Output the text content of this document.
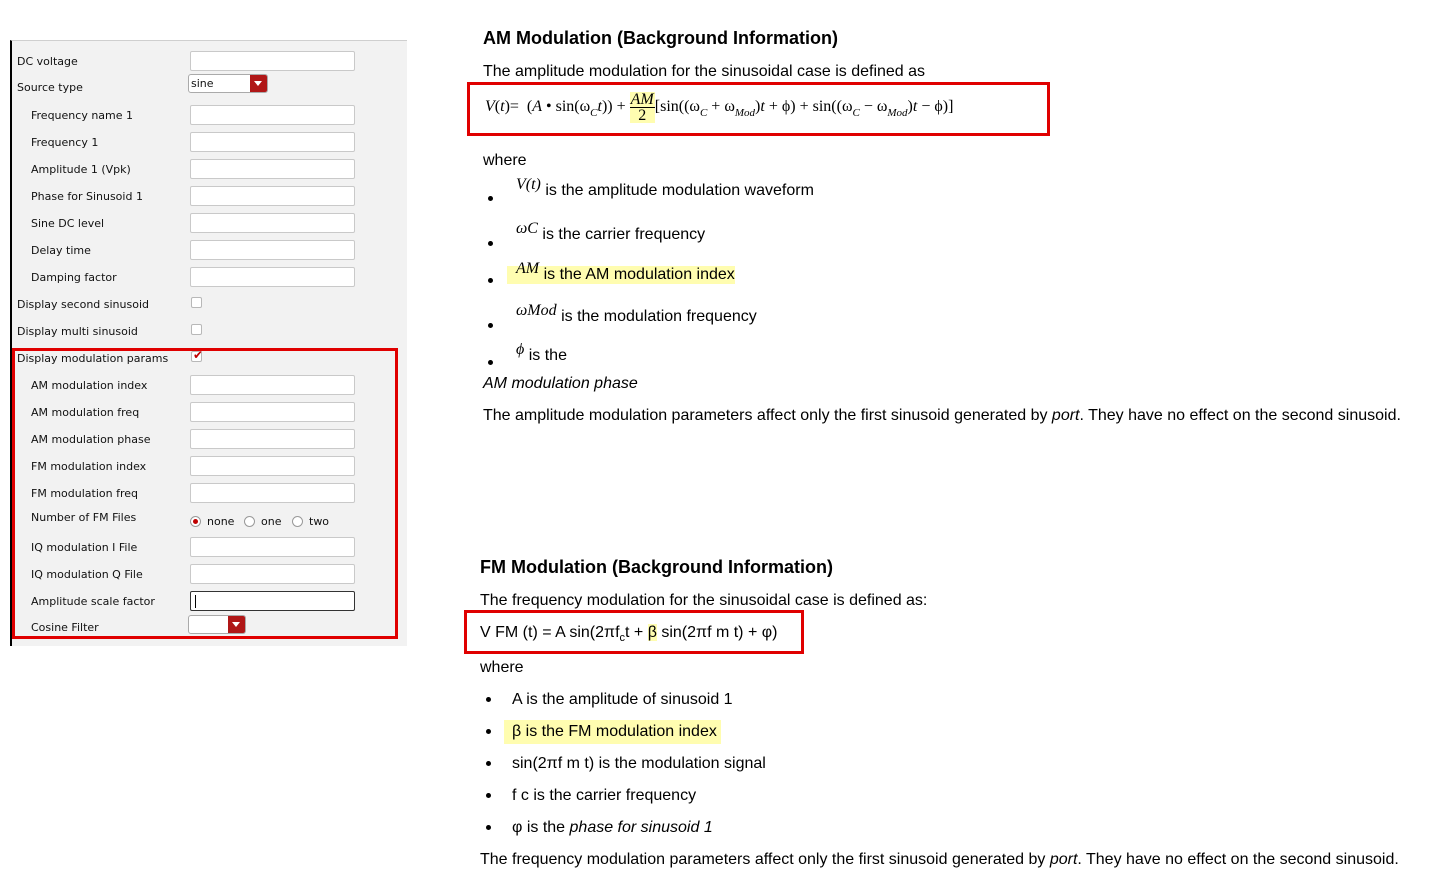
DC voltage
Source type	sine
Frequency name 1
Frequency 1
Amplitude 1 (Vpk)
Phase for Sinusoid 1
Sine DC level
Delay time
Damping factor
Display second sinusoid
Display multi sinusoid
Display modulation params ✔
AM modulation index
AM modulation freq
AM modulation phase
FM modulation index
FM modulation freq
Number of FM Files	none one	two
IQ modulation I File
IQ modulation Q File
Amplitude scale factor
Cosine Filter
AM Modulation (Background Information)
The amplitude modulation for the sinusoidal case is defined as
V(t)=  (A • $\sin(\omega_Ct)) + \frac{AM}{2} [\sin((\omega_C + \omega_{Mod})t + \phi) + \sin((\omega_C - \omega_{Mod})t - \phi)]$
where
V(t) is the amplitude modulation waveform
ωC is the carrier frequency
AM is the AM modulation index
ωMod is the modulation frequency
ϕ is the
AM modulation phase
The amplitude modulation parameters affect only the first sinusoid generated by port. They have no effect on the second sinusoid.
FM Modulation (Background Information)
The frequency modulation for the sinusoidal case is defined as:
V FM (t) = A $\sin(2\pi f_ct + \beta$ sin(2πf m t) + φ)
where
A is the amplitude of sinusoid 1
β is the FM modulation index
sin(2πf m t) is the modulation signal
f c is the carrier frequency
φ is the phase for sinusoid 1
The frequency modulation parameters affect only the first sinusoid generated by port. They have no effect on the second sinusoid.
